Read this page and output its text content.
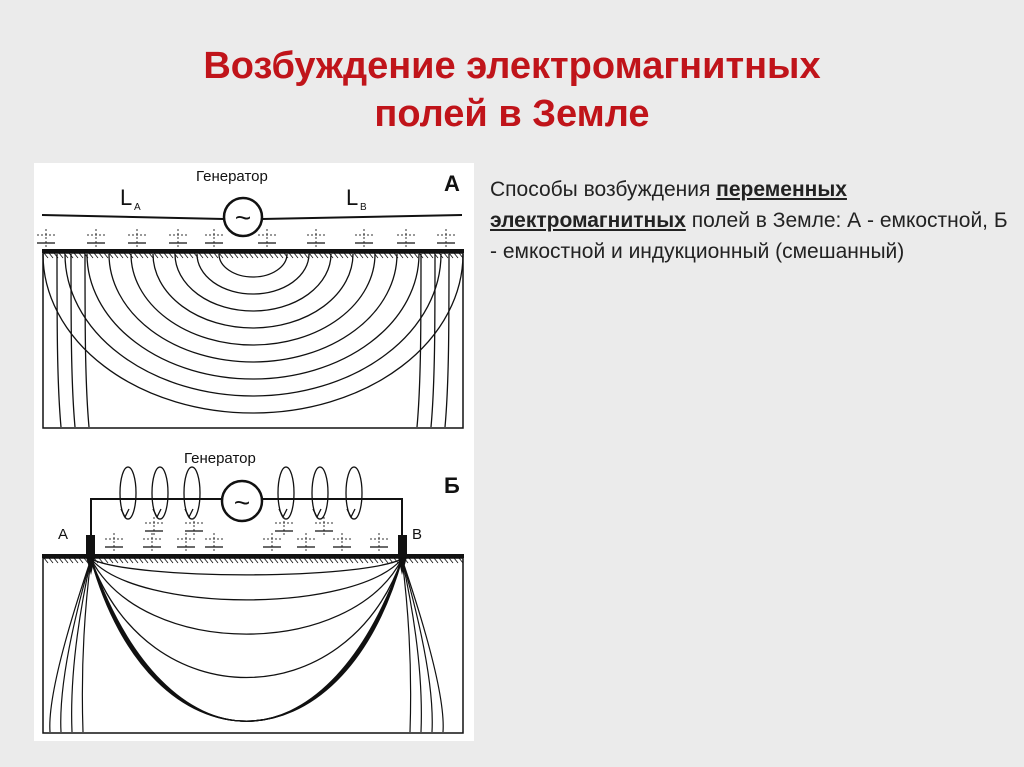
Возбуждение электромагнитных
полей в Земле
Генератор	А
L A	L B
~
Генератор
Б
А	В
~
Способы возбуждения переменных электромагнитных полей в Земле: А - емкостной, Б - емкостной и индукционный (смешанный)
